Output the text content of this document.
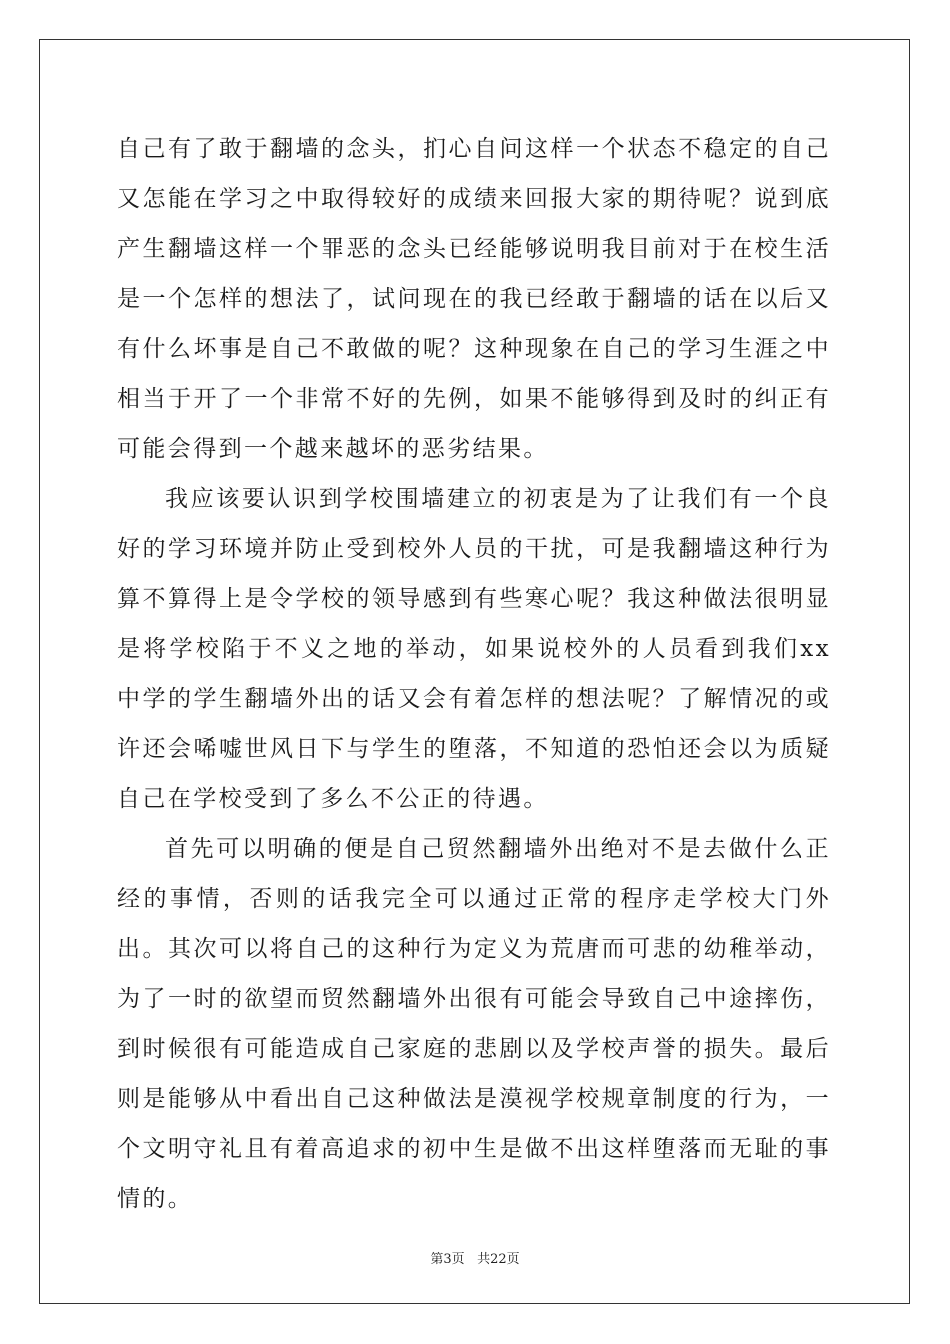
自己有了敢于翻墙的念头，扪心自问这样一个状态不稳定的自己又怎能在学习之中取得较好的成绩来回报大家的期待呢？说到底产生翻墙这样一个罪恶的念头已经能够说明我目前对于在校生活是一个怎样的想法了，试问现在的我已经敢于翻墙的话在以后又有什么坏事是自己不敢做的呢？这种现象在自己的学习生涯之中相当于开了一个非常不好的先例，如果不能够得到及时的纠正有可能会得到一个越来越坏的恶劣结果。

我应该要认识到学校围墙建立的初衷是为了让我们有一个良好的学习环境并防止受到校外人员的干扰，可是我翻墙这种行为算不算得上是令学校的领导感到有些寒心呢？我这种做法很明显是将学校陷于不义之地的举动，如果说校外的人员看到我们xx中学的学生翻墙外出的话又会有着怎样的想法呢？了解情况的或许还会唏嘘世风日下与学生的堕落，不知道的恐怕还会以为质疑自己在学校受到了多么不公正的待遇。

首先可以明确的便是自己贸然翻墙外出绝对不是去做什么正经的事情，否则的话我完全可以通过正常的程序走学校大门外出。其次可以将自己的这种行为定义为荒唐而可悲的幼稚举动，为了一时的欲望而贸然翻墙外出很有可能会导致自己中途摔伤，到时候很有可能造成自己家庭的悲剧以及学校声誉的损失。最后则是能够从中看出自己这种做法是漠视学校规章制度的行为，一个文明守礼且有着高追求的初中生是做不出这样堕落而无耻的事情的。

第3页 共22页
